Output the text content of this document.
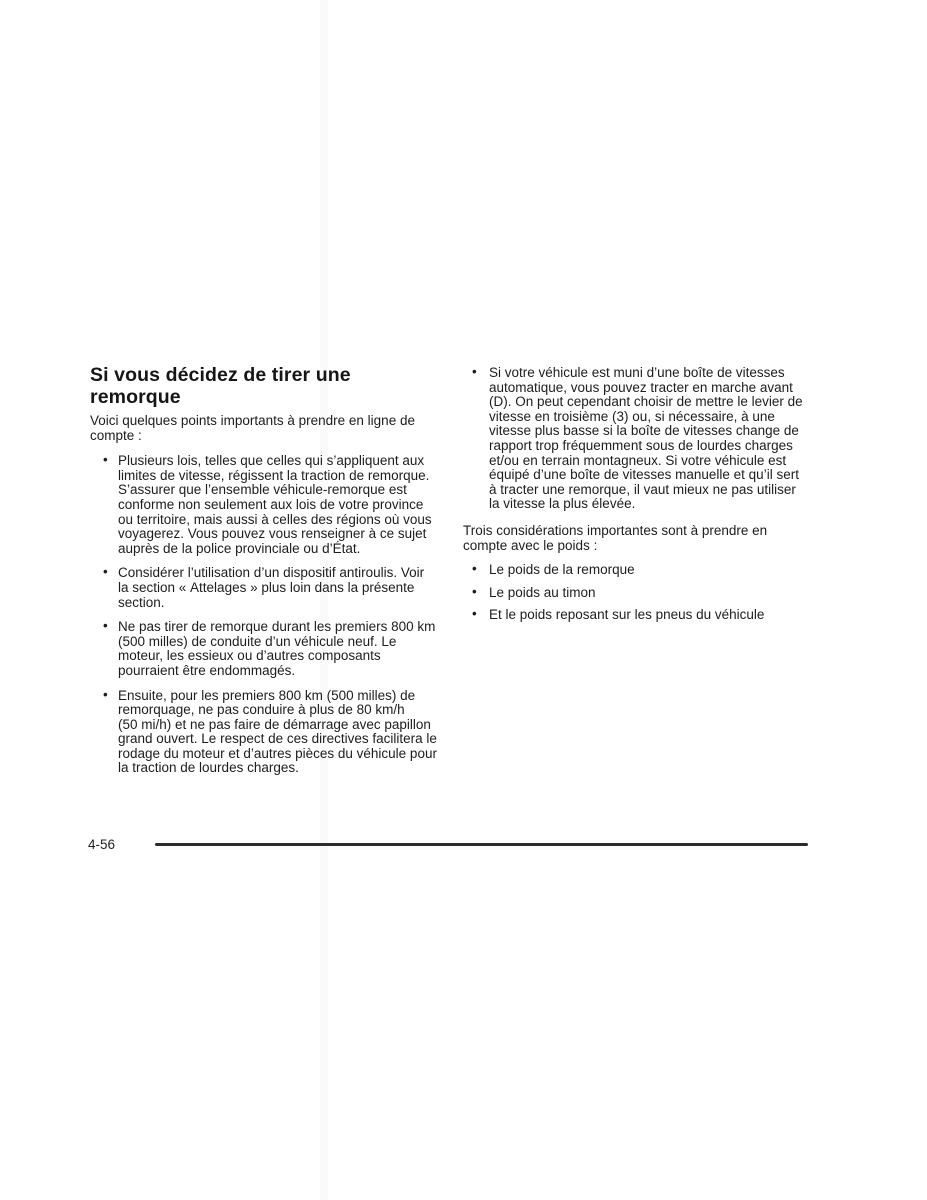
Si vous décidez de tirer une remorque

Voici quelques points importants à prendre en ligne de compte :

• Plusieurs lois, telles que celles qui s’appliquent aux limites de vitesse, régissent la traction de remorque. S’assurer que l’ensemble véhicule-remorque est conforme non seulement aux lois de votre province ou territoire, mais aussi à celles des régions où vous voyagerez. Vous pouvez vous renseigner à ce sujet auprès de la police provinciale ou d’État.
• Considérer l’utilisation d’un dispositif antiroulis. Voir la section « Attelages » plus loin dans la présente section.
• Ne pas tirer de remorque durant les premiers 800 km (500 milles) de conduite d’un véhicule neuf. Le moteur, les essieux ou d’autres composants pourraient être endommagés.
• Ensuite, pour les premiers 800 km (500 milles) de remorquage, ne pas conduire à plus de 80 km/h (50 mi/h) et ne pas faire de démarrage avec papillon grand ouvert. Le respect de ces directives facilitera le rodage du moteur et d’autres pièces du véhicule pour la traction de lourdes charges.
• Si votre véhicule est muni d’une boîte de vitesses automatique, vous pouvez tracter en marche avant (D). On peut cependant choisir de mettre le levier de vitesse en troisième (3) ou, si nécessaire, à une vitesse plus basse si la boîte de vitesses change de rapport trop fréquemment sous de lourdes charges et/ou en terrain montagneux. Si votre véhicule est équipé d’une boîte de vitesses manuelle et qu’il sert à tracter une remorque, il vaut mieux ne pas utiliser la vitesse la plus élevée.

Trois considérations importantes sont à prendre en compte avec le poids :

• Le poids de la remorque
• Le poids au timon
• Et le poids reposant sur les pneus du véhicule
4-56
